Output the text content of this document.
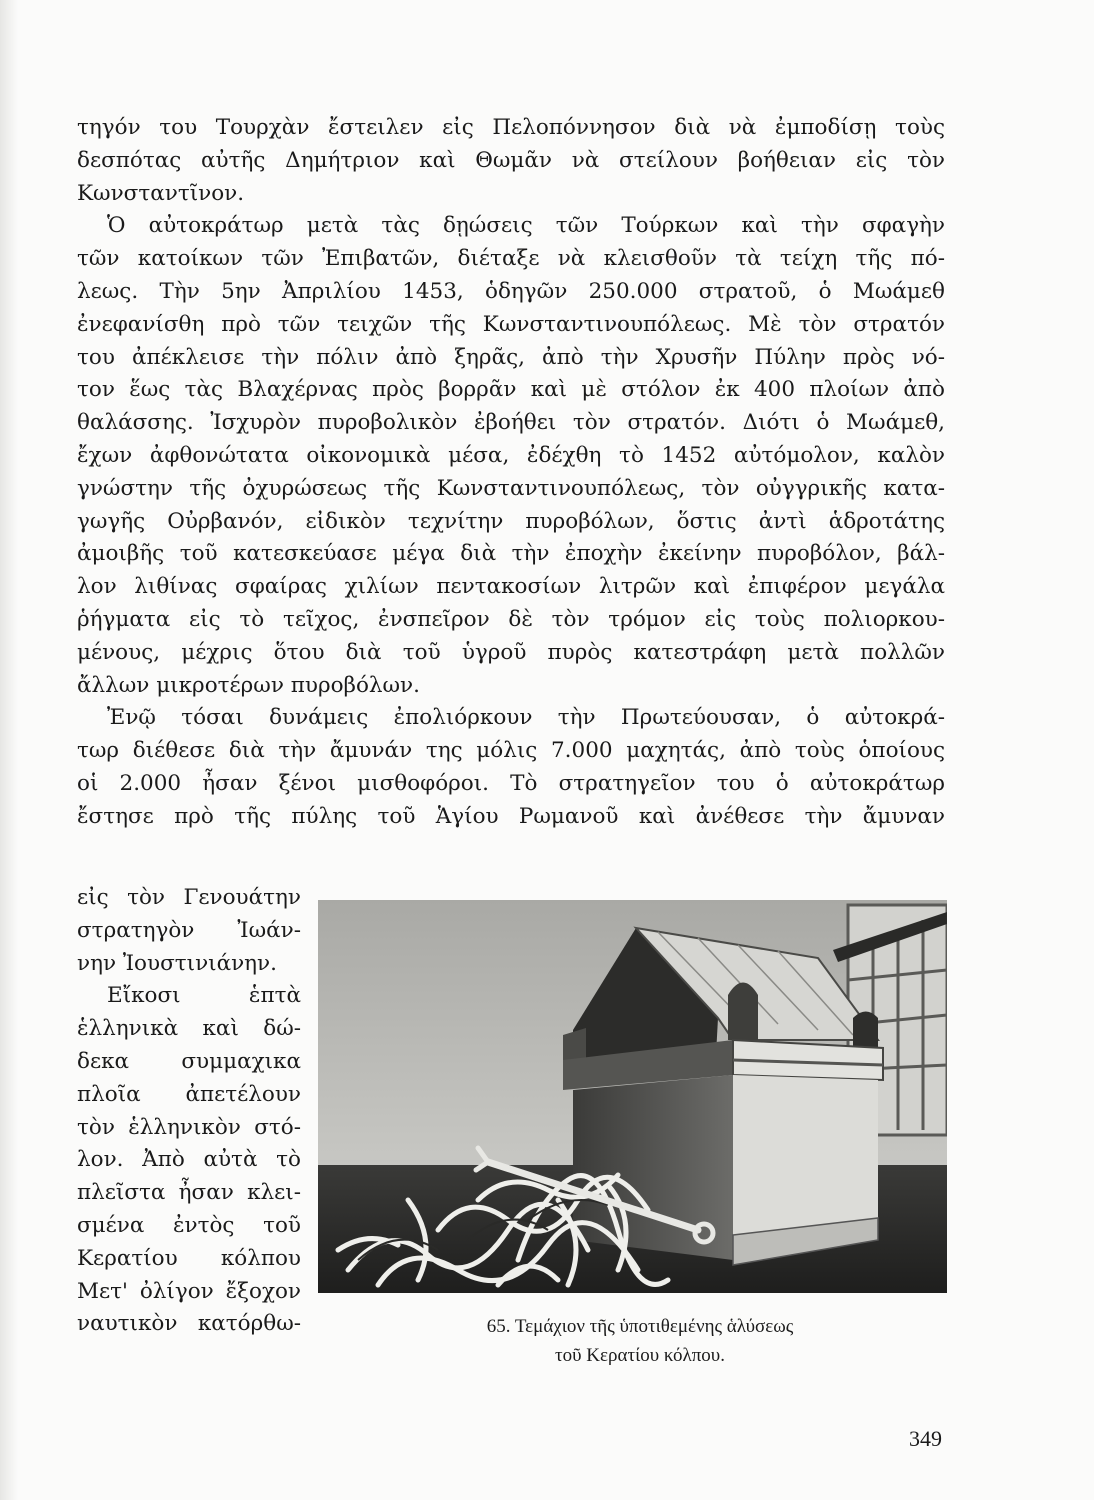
τηγόν του Τουρχὰν ἔστειλεν εἰς Πελοπόννησον διὰ νὰ ἐμποδίσῃ τοὺς
δεσπότας αὐτῆς Δημήτριον καὶ Θωμᾶν νὰ στείλουν βοήθειαν εἰς τὸν
Κωνσταντῖνον.
Ὁ αὐτοκράτωρ μετὰ τὰς δῃώσεις τῶν Τούρκων καὶ τὴν σφαγὴν
τῶν κατοίκων τῶν Ἐπιβατῶν, διέταξε νὰ κλεισθοῦν τὰ τείχη τῆς πό-
λεως. Τὴν 5ην Ἀπριλίου 1453, ὁδηγῶν 250.000 στρατοῦ, ὁ Μωάμεθ
ἐνεφανίσθη πρὸ τῶν τειχῶν τῆς Κωνσταντινουπόλεως. Μὲ τὸν στρατόν
του ἀπέκλεισε τὴν πόλιν ἀπὸ ξηρᾶς, ἀπὸ τὴν Χρυσῆν Πύλην πρὸς νό-
τον ἕως τὰς Βλαχέρνας πρὸς βορρᾶν καὶ μὲ στόλον ἐκ 400 πλοίων ἀπὸ
θαλάσσης. Ἰσχυρὸν πυροβολικὸν ἐβοήθει τὸν στρατόν. Διότι ὁ Μωάμεθ,
ἔχων ἀφθονώτατα οἰκονομικὰ μέσα, ἐδέχθη τὸ 1452 αὐτόμολον, καλὸν
γνώστην τῆς ὀχυρώσεως τῆς Κωνσταντινουπόλεως, τὸν οὐγγρικῆς κατα-
γωγῆς Οὐρβανόν, εἰδικὸν τεχνίτην πυροβόλων, ὅστις ἀντὶ ἁδροτάτης
ἀμοιβῆς τοῦ κατεσκεύασε μέγα διὰ τὴν ἐποχὴν ἐκείνην πυροβόλον, βάλ-
λον λιθίνας σφαίρας χιλίων πεντακοσίων λιτρῶν καὶ ἐπιφέρον μεγάλα
ῥήγματα εἰς τὸ τεῖχος, ἐνσπεῖρον δὲ τὸν τρόμον εἰς τοὺς πολιορκου-
μένους, μέχρις ὅτου διὰ τοῦ ὑγροῦ πυρὸς κατεστράφη μετὰ πολλῶν
ἄλλων μικροτέρων πυροβόλων.
Ἐνῷ τόσαι δυνάμεις ἐπολιόρκουν τὴν Πρωτεύουσαν, ὁ αὐτοκρά-
τωρ διέθεσε διὰ τὴν ἄμυνάν της μόλις 7.000 μαχητάς, ἀπὸ τοὺς ὁποίους
οἱ 2.000 ἦσαν ξένοι μισθοφόροι. Τὸ στρατηγεῖον του ὁ αὐτοκράτωρ
ἔστησε πρὸ τῆς πύλης τοῦ Ἁγίου Ρωμανοῦ καὶ ἀνέθεσε τὴν ἄμυναν
εἰς τὸν Γενουάτην
στρατηγὸν Ἰωάν-
νην Ἰουστινιάνην.
Εἴκοσι ἑπτὰ
ἑλληνικὰ καὶ δώ-
δεκα συμμαχικα
πλοῖα ἀπετέλουν
τὸν ἑλληνικὸν στό-
λον. Ἀπὸ αὐτὰ τὸ
πλεῖστα ἦσαν κλει-
σμένα ἐντὸς τοῦ
Κερατίου κόλπου
Μετ' ὀλίγον ἔξοχον
ναυτικὸν κατόρθω-	65. Τεμάχιον τῆς ὑποτιθεμένης ἁλύσεως
τοῦ Κερατίου κόλπου.
349
